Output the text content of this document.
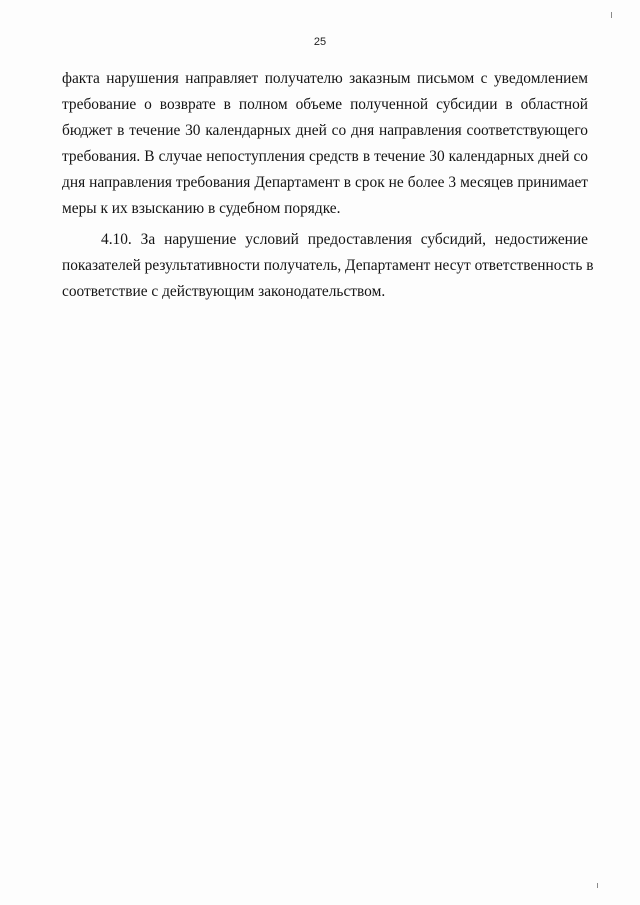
25
факта нарушения направляет получателю заказным письмом с уведомлением
требование о возврате в полном объеме полученной субсидии в областной
бюджет в течение 30 календарных дней со дня направления соответствующего
требования. В случае непоступления средств в течение 30 календарных дней со
дня направления требования Департамент в срок не более 3 месяцев принимает
меры к их взысканию в судебном порядке.
4.10. За нарушение условий предоставления субсидий, недостижение
показателей результативности получатель, Департамент несут ответственность в
соответствие с действующим законодательством.
